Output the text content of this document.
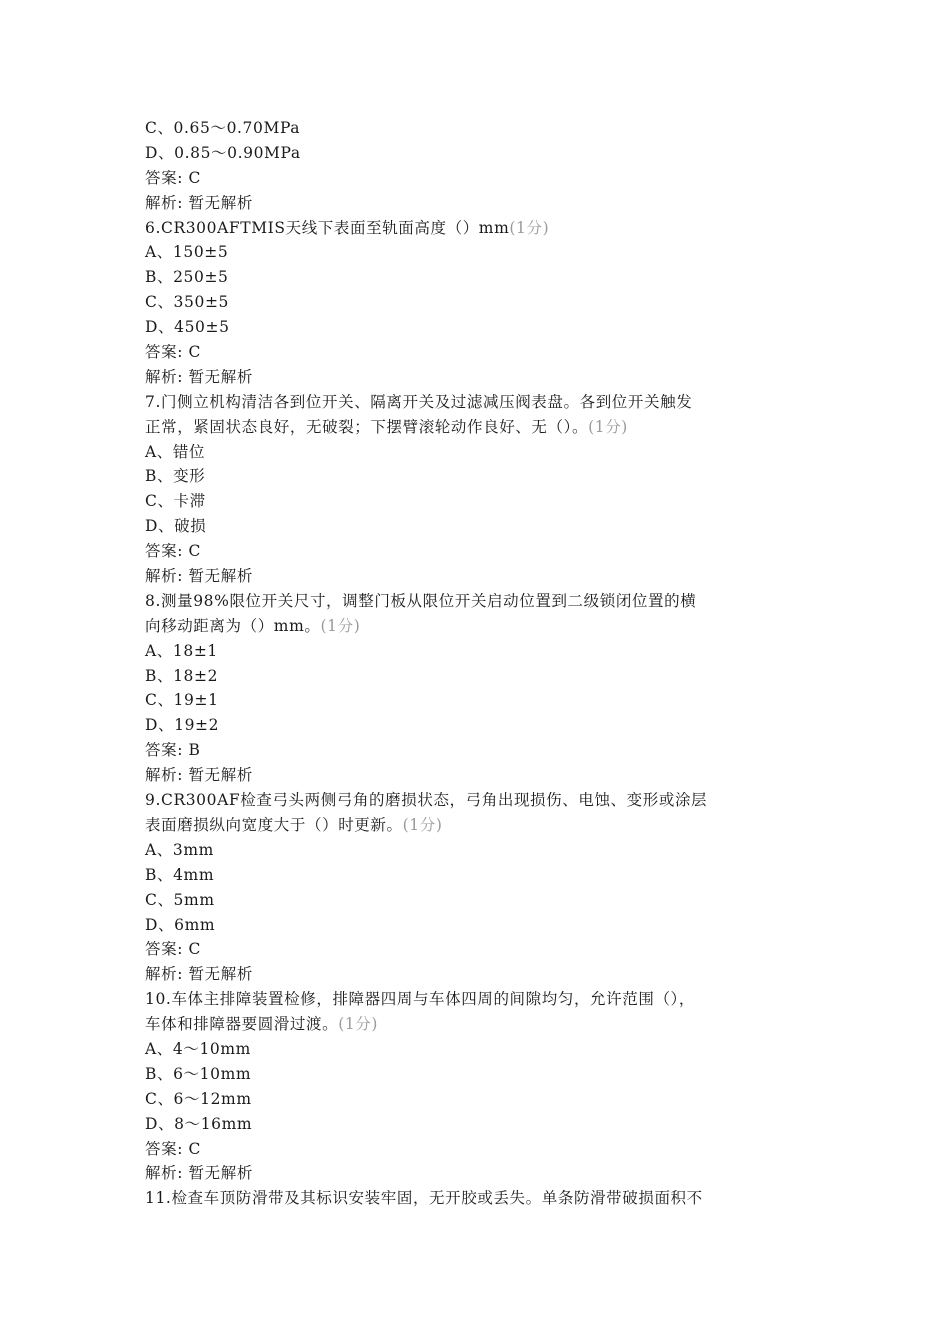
C、0.65～0.70MPa
D、0.85～0.90MPa
答案: C
解析: 暂无解析
6.CR300AFTMIS天线下表面至轨面高度（）mm(1分)
A、150±5
B、250±5
C、350±5
D、450±5
答案: C
解析: 暂无解析
7.门侧立机构清洁各到位开关、隔离开关及过滤减压阀表盘。各到位开关触发
正常，紧固状态良好，无破裂；下摆臂滚轮动作良好、无（）。(1分)
A、错位
B、变形
C、卡滞
D、破损
答案: C
解析: 暂无解析
8.测量98%限位开关尺寸，调整门板从限位开关启动位置到二级锁闭位置的横
向移动距离为（）mm。(1分)
A、18±1
B、18±2
C、19±1
D、19±2
答案: B
解析: 暂无解析
9.CR300AF检查弓头两侧弓角的磨损状态，弓角出现损伤、电蚀、变形或涂层
表面磨损纵向宽度大于（）时更新。(1分)
A、3mm
B、4mm
C、5mm
D、6mm
答案: C
解析: 暂无解析
10.车体主排障装置检修，排障器四周与车体四周的间隙均匀，允许范围（），
车体和排障器要圆滑过渡。(1分)
A、4～10mm
B、6～10mm
C、6～12mm
D、8～16mm
答案: C
解析: 暂无解析
11.检查车顶防滑带及其标识安装牢固，无开胶或丢失。单条防滑带破损面积不
